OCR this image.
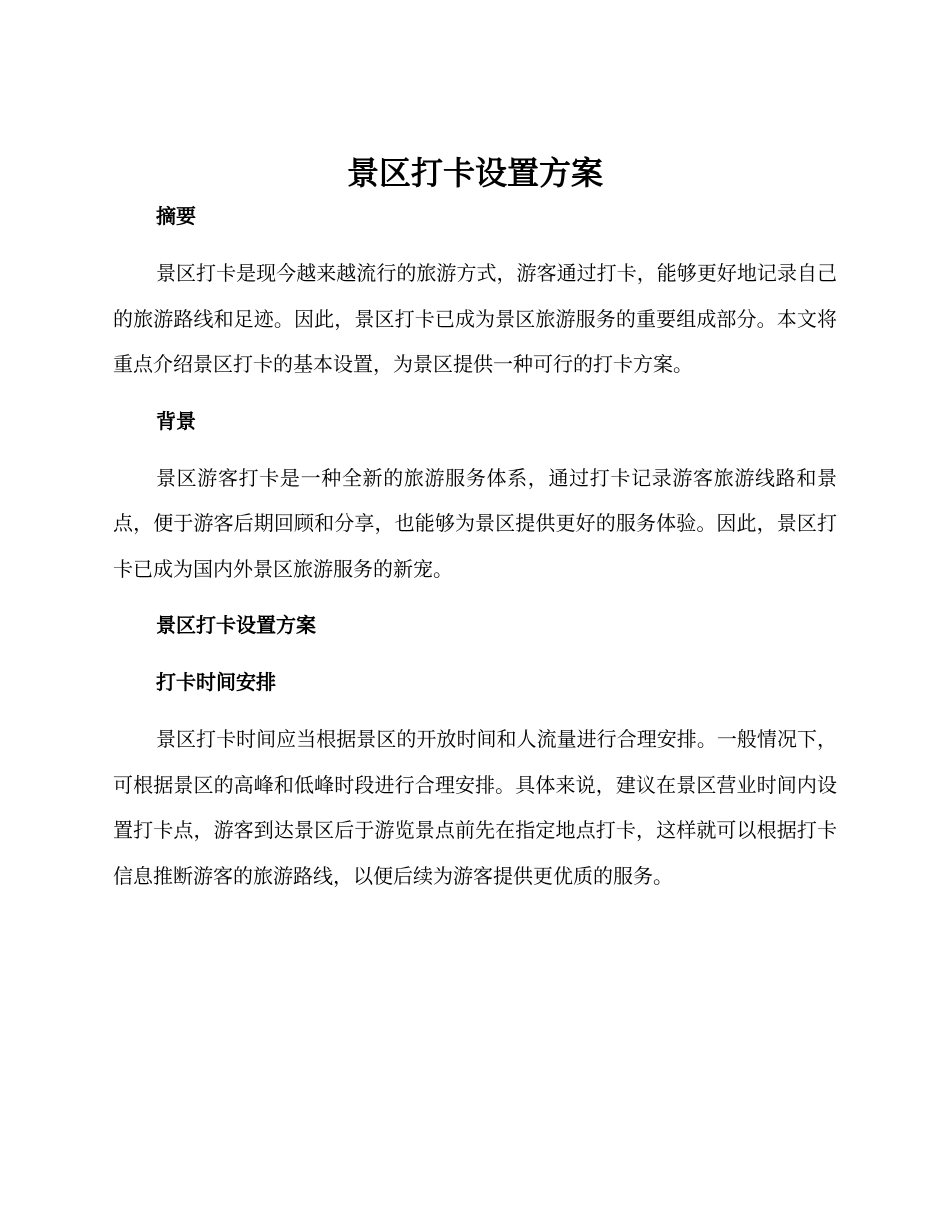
景区打卡设置方案
摘要

景区打卡是现今越来越流行的旅游方式，游客通过打卡，能够更好地记录自己的旅游路线和足迹。因此，景区打卡已成为景区旅游服务的重要组成部分。本文将重点介绍景区打卡的基本设置，为景区提供一种可行的打卡方案。

背景

景区游客打卡是一种全新的旅游服务体系，通过打卡记录游客旅游线路和景点，便于游客后期回顾和分享，也能够为景区提供更好的服务体验。因此，景区打卡已成为国内外景区旅游服务的新宠。

景区打卡设置方案
打卡时间安排

景区打卡时间应当根据景区的开放时间和人流量进行合理安排。一般情况下，可根据景区的高峰和低峰时段进行合理安排。具体来说，建议在景区营业时间内设置打卡点，游客到达景区后于游览景点前先在指定地点打卡，这样就可以根据打卡信息推断游客的旅游路线，以便后续为游客提供更优质的服务。
